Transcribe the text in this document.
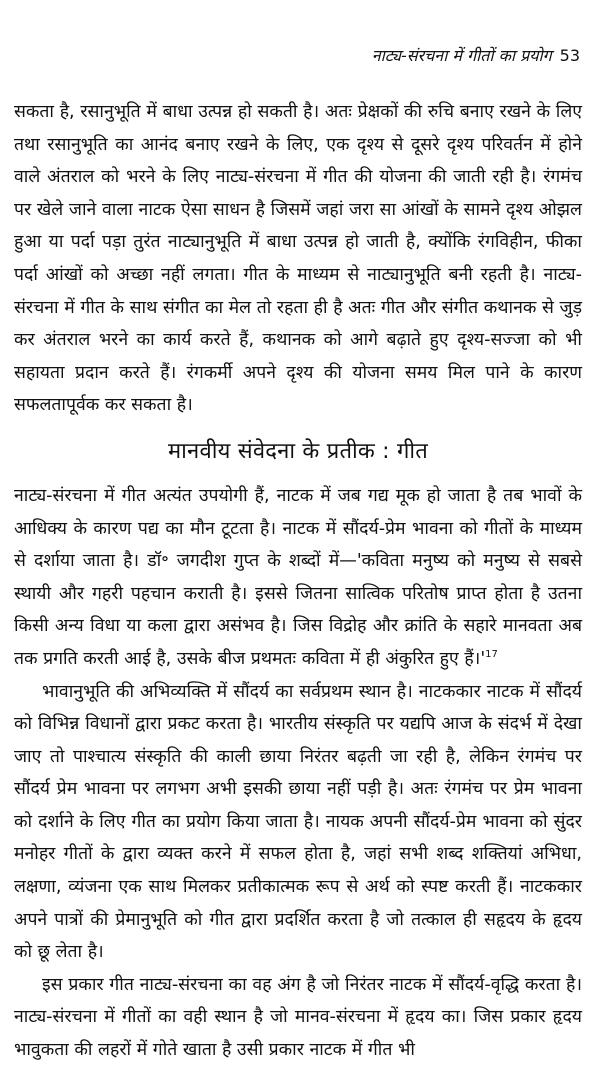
नाट्य-संरचना में गीतों का प्रयोग 53

सकता है, रसानुभूति में बाधा उत्पन्न हो सकती है। अतः प्रेक्षकों की रुचि बनाए रखने के लिए तथा रसानुभूति का आनंद बनाए रखने के लिए, एक दृश्य से दूसरे दृश्य परिवर्तन में होने वाले अंतराल को भरने के लिए नाट्य-संरचना में गीत की योजना की जाती रही है। रंगमंच पर खेले जाने वाला नाटक ऐसा साधन है जिसमें जहां जरा सा आंखों के सामने दृश्य ओझल हुआ या पर्दा पड़ा तुरंत नाट्यानुभूति में बाधा उत्पन्न हो जाती है, क्योंकि रंगविहीन, फीका पर्दा आंखों को अच्छा नहीं लगता। गीत के माध्यम से नाट्यानुभूति बनी रहती है। नाट्य-संरचना में गीत के साथ संगीत का मेल तो रहता ही है अतः गीत और संगीत कथानक से जुड़ कर अंतराल भरने का कार्य करते हैं, कथानक को आगे बढ़ाते हुए दृश्य-सज्जा को भी सहायता प्रदान करते हैं। रंगकर्मी अपने दृश्य की योजना समय मिल पाने के कारण सफलतापूर्वक कर सकता है।

मानवीय संवेदना के प्रतीक : गीत

नाट्य-संरचना में गीत अत्यंत उपयोगी हैं, नाटक में जब गद्य मूक हो जाता है तब भावों के आधिक्य के कारण पद्य का मौन टूटता है। नाटक में सौंदर्य-प्रेम भावना को गीतों के माध्यम से दर्शाया जाता है। डॉ॰ जगदीश गुप्त के शब्दों में—'कविता मनुष्य को मनुष्य से सबसे स्थायी और गहरी पहचान कराती है। इससे जितना सात्विक परितोष प्राप्त होता है उतना किसी अन्य विधा या कला द्वारा असंभव है। जिस विद्रोह और क्रांति के सहारे मानवता अब तक प्रगति करती आई है, उसके बीज प्रथमतः कविता में ही अंकुरित हुए $हैं।'^{17}$

भावानुभूति की अभिव्यक्ति में सौंदर्य का सर्वप्रथम स्थान है। नाटककार नाटक में सौंदर्य को विभिन्न विधानों द्वारा प्रकट करता है। भारतीय संस्कृति पर यद्यपि आज के संदर्भ में देखा जाए तो पाश्चात्य संस्कृति की काली छाया निरंतर बढ़ती जा रही है, लेकिन रंगमंच पर सौंदर्य प्रेम भावना पर लगभग अभी इसकी छाया नहीं पड़ी है। अतः रंगमंच पर प्रेम भावना को दर्शाने के लिए गीत का प्रयोग किया जाता है। नायक अपनी सौंदर्य-प्रेम भावना को सुंदर मनोहर गीतों के द्वारा व्यक्त करने में सफल होता है, जहां सभी शब्द शक्तियां अभिधा, लक्षणा, व्यंजना एक साथ मिलकर प्रतीकात्मक रूप से अर्थ को स्पष्ट करती हैं। नाटककार अपने पात्रों की प्रेमानुभूति को गीत द्वारा प्रदर्शित करता है जो तत्काल ही सहृदय के हृदय को छू लेता है।

इस प्रकार गीत नाट्य-संरचना का वह अंग है जो निरंतर नाटक में सौंदर्य-वृद्धि करता है। नाट्य-संरचना में गीतों का वही स्थान है जो मानव-संरचना में हृदय का। जिस प्रकार हृदय भावुकता की लहरों में गोते खाता है उसी प्रकार नाटक में गीत भी
